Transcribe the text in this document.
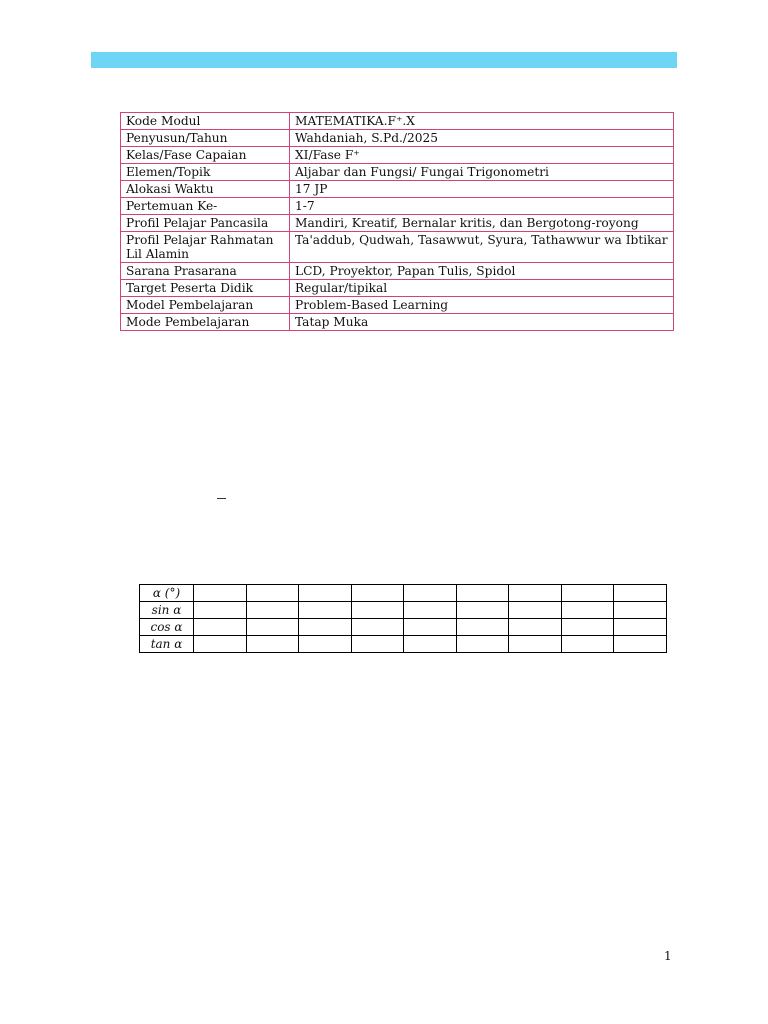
Kode Modul	MATEMATIKA.F⁺.X
Penyusun/Tahun	Wahdaniah, S.Pd./2025
Kelas/Fase Capaian	XI/Fase F⁺
Elemen/Topik	Aljabar dan Fungsi/ Fungai Trigonometri
Alokasi Waktu	17 JP
Pertemuan Ke-	1-7
Profil Pelajar Pancasila	Mandiri, Kreatif, Bernalar kritis, dan Bergotong-royong
Profil Pelajar Rahmatan Lil Alamin	Ta'addub, Qudwah, Tasawwut, Syura, Tathawwur wa Ibtikar
Sarana Prasarana	LCD, Proyektor, Papan Tulis, Spidol
Target Peserta Didik	Regular/tipikal
Model Pembelajaran	Problem-Based Learning
Mode Pembelajaran	Tatap Muka
α (°)									
sin α									
cos α									
tan α									
1
